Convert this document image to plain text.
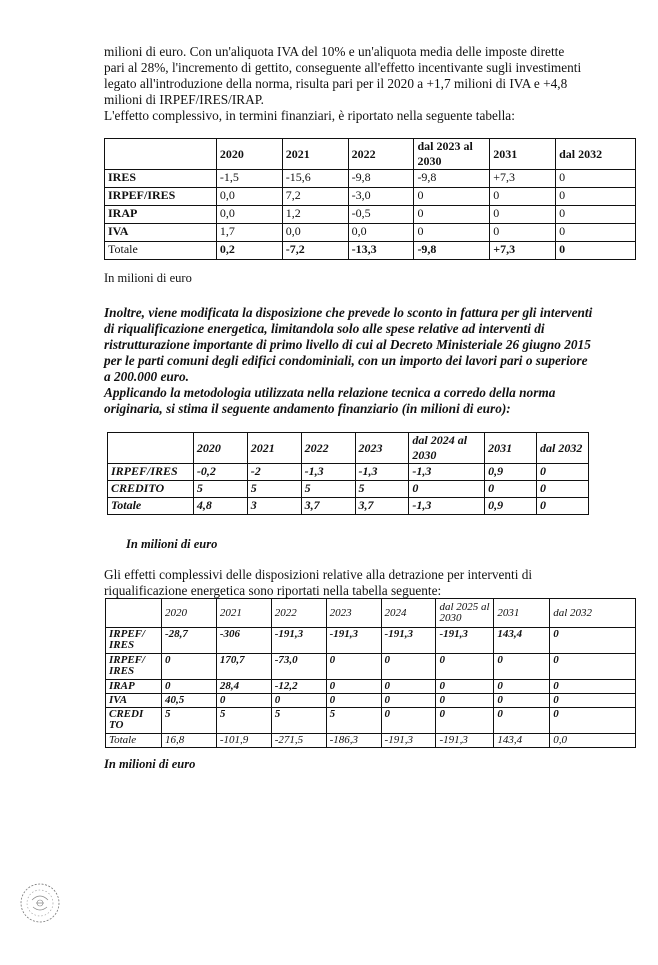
milioni di euro. Con un'aliquota IVA del 10% e un'aliquota media delle imposte dirette

pari al 28%, l'incremento di gettito, conseguente all'effetto incentivante sugli investimenti

legato all'introduzione della norma, risulta pari per il 2020 a +1,7 milioni di IVA e +4,8

milioni di IRPEF/IRES/IRAP.

L'effetto complessivo, in termini finanziari, è riportato nella seguente tabella:

	2020	2021	2022	dal 2023 al 2030	2031	dal 2032
IRES	-1,5	-15,6	-9,8	-9,8	+7,3	0
IRPEF/IRES	0,0	7,2	-3,0	0	0	0
IRAP	0,0	1,2	-0,5	0	0	0
IVA	1,7	0,0	0,0	0	0	0
Totale	0,2	-7,2	-13,3	-9,8	+7,3	0
In milioni di euro

Inoltre, viene modificata la disposizione che prevede lo sconto in fattura per gli interventi

di riqualificazione energetica, limitandola solo alle spese relative ad interventi di

ristrutturazione importante di primo livello di cui al Decreto Ministeriale 26 giugno 2015

per le parti comuni degli edifici condominiali, con un importo dei lavori pari o superiore

a 200.000 euro.

Applicando la metodologia utilizzata nella relazione tecnica a corredo della norma

originaria, si stima il seguente andamento finanziario (in milioni di euro):

	2020	2021	2022	2023	dal 2024 al 2030	2031	dal 2032
IRPEF/IRES	-0,2	-2	-1,3	-1,3	-1,3	0,9	0
CREDITO	5	5	5	5	0	0	0
Totale	4,8	3	3,7	3,7	-1,3	0,9	0
In milioni di euro

Gli effetti complessivi delle disposizioni relative alla detrazione per interventi di

riqualificazione energetica sono riportati nella tabella seguente:

	2020	2021	2022	2023	2024	dal 2025 al 2030	2031	dal 2032
IRPEF/ IRES	-28,7	-306	-191,3	-191,3	-191,3	-191,3	143,4	0
IRPEF/ IRES	0	170,7	-73,0	0	0	0	0	0
IRAP	0	28,4	-12,2	0	0	0	0	0
IVA	40,5	0	0	0	0	0	0	0
CREDI TO	5	5	5	5	0	0	0	0
Totale	16,8	-101,9	-271,5	-186,3	-191,3	-191,3	143,4	0,0
In milioni di euro
